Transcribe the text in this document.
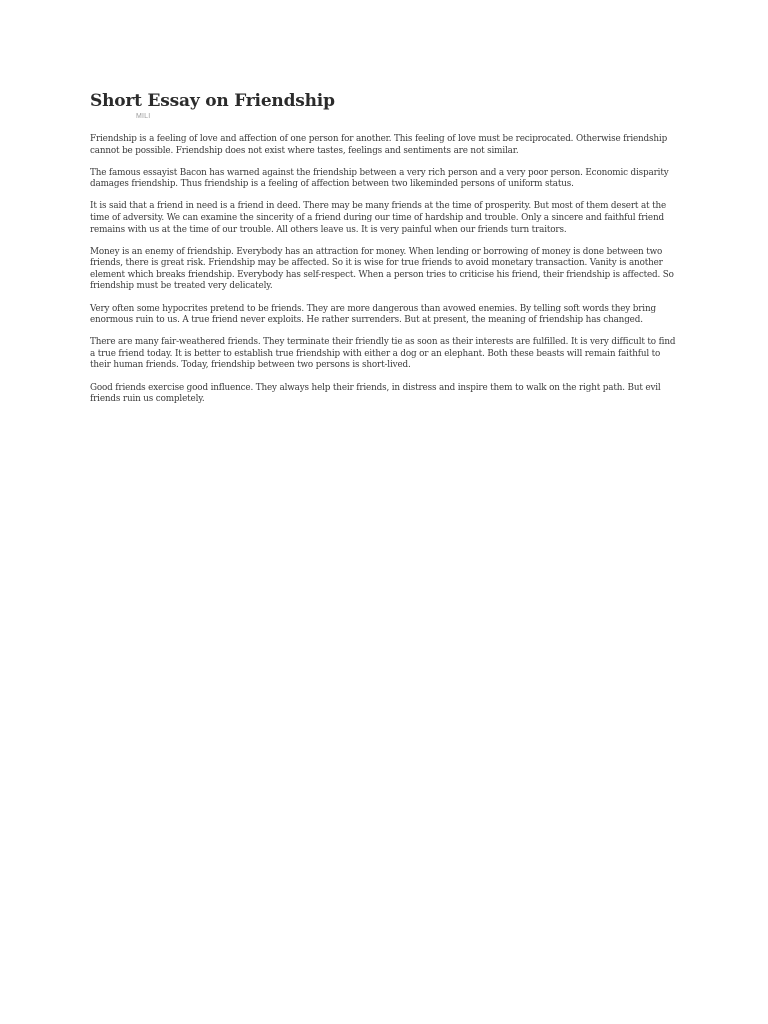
Short Essay on Friendship
MILI

Friendship is a feeling of love and affection of one person for another. This feeling of love must be reciprocated. Otherwise friendship cannot be possible. Friendship does not exist where tastes, feelings and sentiments are not similar.

The famous essayist Bacon has warned against the friendship between a very rich person and a very poor person. Economic disparity damages friendship. Thus friendship is a feeling of affection between two likeminded persons of uniform status.

It is said that a friend in need is a friend in deed. There may be many friends at the time of prosperity. But most of them desert at the time of adversity. We can examine the sincerity of a friend during our time of hardship and trouble. Only a sincere and faithful friend remains with us at the time of our trouble. All others leave us. It is very painful when our friends turn traitors.

Money is an enemy of friendship. Everybody has an attraction for money. When lending or borrowing of money is done between two friends, there is great risk. Friendship may be affected. So it is wise for true friends to avoid monetary transaction. Vanity is another element which breaks friendship. Everybody has self-respect. When a person tries to criticise his friend, their friendship is affected. So friendship must be treated very delicately.

Very often some hypocrites pretend to be friends. They are more dangerous than avowed enemies. By telling soft words they bring enormous ruin to us. A true friend never exploits. He rather surrenders. But at present, the meaning of friendship has changed.

There are many fair-weathered friends. They terminate their friendly tie as soon as their interests are fulfilled. It is very difficult to find a true friend today. It is better to establish true friendship with either a dog or an elephant. Both these beasts will remain faithful to their human friends. Today, friendship between two persons is short-lived.

Good friends exercise good influence. They always help their friends, in distress and inspire them to walk on the right path. But evil friends ruin us completely.
